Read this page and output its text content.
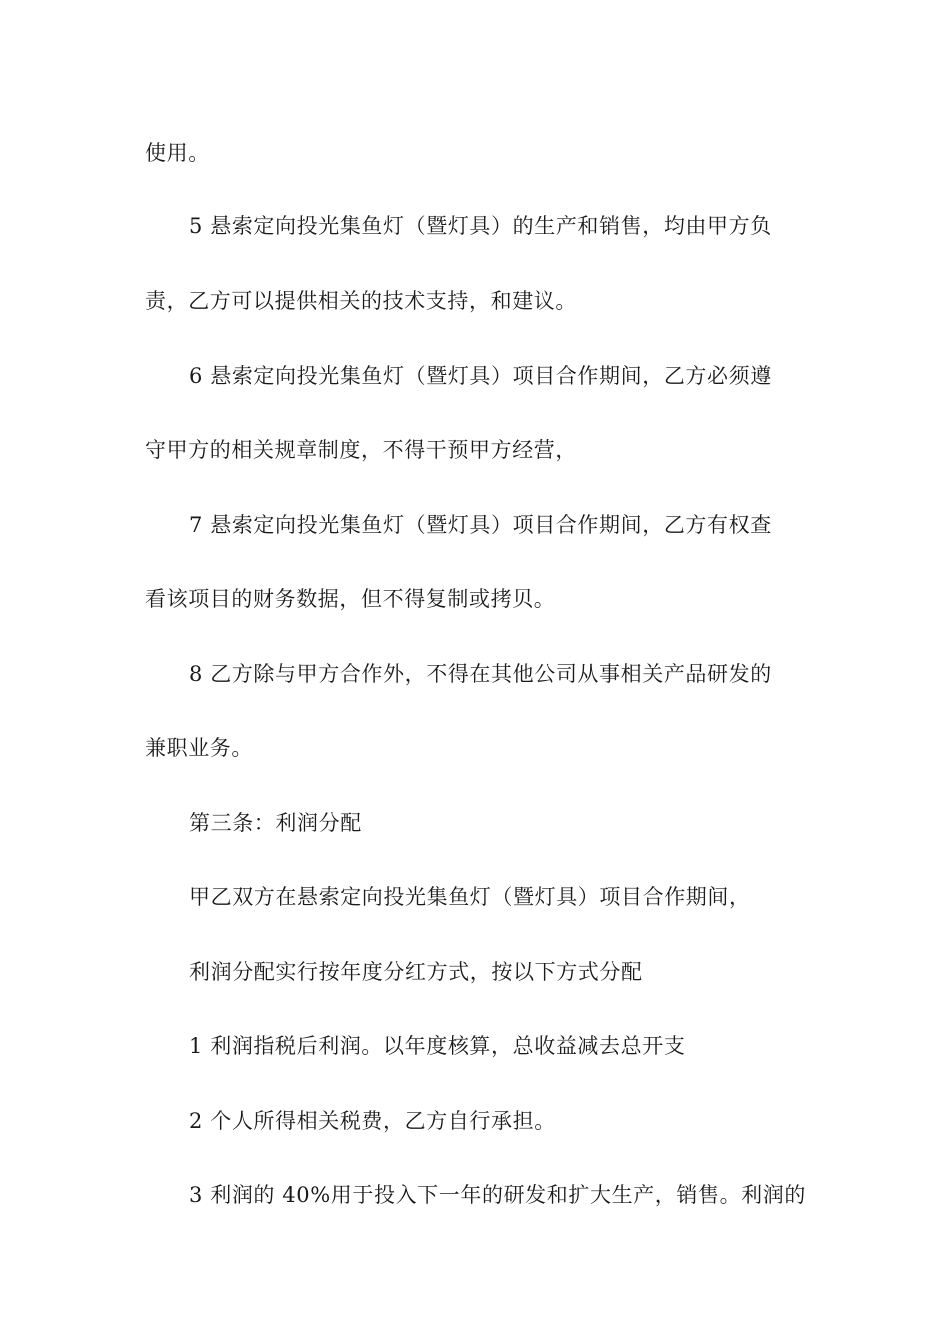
使用。
5 悬索定向投光集鱼灯（暨灯具）的生产和销售，均由甲方负
责，乙方可以提供相关的技术支持，和建议。
6 悬索定向投光集鱼灯（暨灯具）项目合作期间，乙方必须遵
守甲方的相关规章制度，不得干预甲方经营，
7 悬索定向投光集鱼灯（暨灯具）项目合作期间，乙方有权查
看该项目的财务数据，但不得复制或拷贝。
8 乙方除与甲方合作外，不得在其他公司从事相关产品研发的
兼职业务。
第三条：利润分配
甲乙双方在悬索定向投光集鱼灯（暨灯具）项目合作期间，
利润分配实行按年度分红方式，按以下方式分配
1 利润指税后利润。以年度核算，总收益减去总开支
2 个人所得相关税费，乙方自行承担。
3 利润的 40%用于投入下一年的研发和扩大生产，销售。利润的
